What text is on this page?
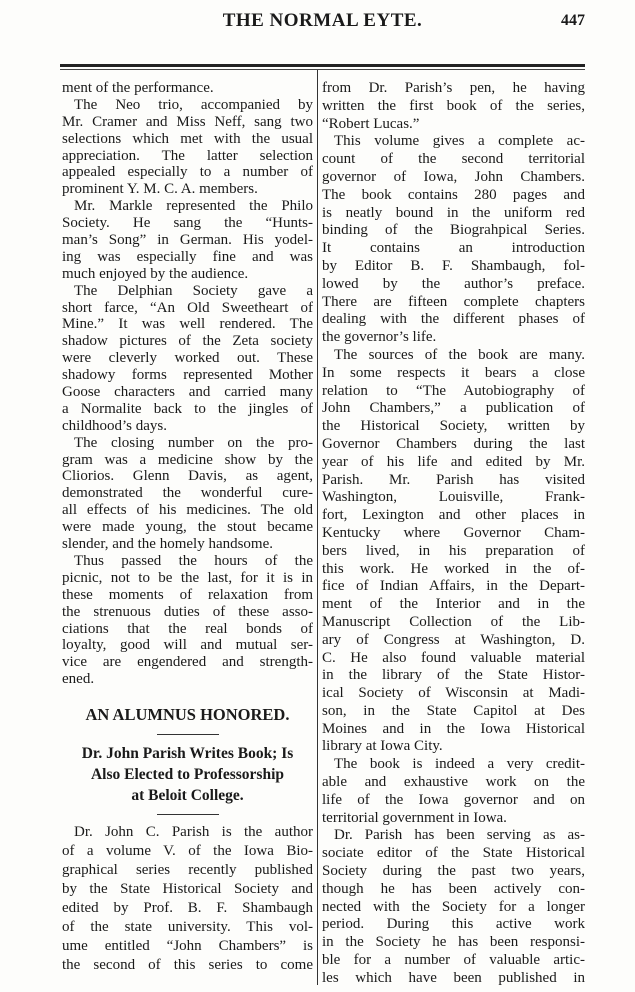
THE NORMAL EYTE.	447
ment of the performance.
The Neo trio, accompanied by
Mr. Cramer and Miss Neff, sang two
selections which met with the usual
appreciation. The latter selection
appealed especially to a number of
prominent Y. M. C. A. members.
Mr. Markle represented the Philo
Society. He sang the “Hunts-
man’s Song” in German. His yodel-
ing was especially fine and was
much enjoyed by the audience.
The Delphian Society gave a
short farce, “An Old Sweetheart of
Mine.” It was well rendered. The
shadow pictures of the Zeta society
were cleverly worked out. These
shadowy forms represented Mother
Goose characters and carried many
a Normalite back to the jingles of
childhood’s days.
The closing number on the pro-
gram was a medicine show by the
Cliorios. Glenn Davis, as agent,
demonstrated the wonderful cure-
all effects of his medicines. The old
were made young, the stout became
slender, and the homely handsome.
Thus passed the hours of the
picnic, not to be the last, for it is in
these moments of relaxation from
the strenuous duties of these asso-
ciations that the real bonds of
loyalty, good will and mutual ser-
vice are engendered and strength-
ened.
AN ALUMNUS HONORED.
Dr. John Parish Writes Book; Is
Also Elected to Professorship
at Beloit College.
Dr. John C. Parish is the author
of a volume V. of the Iowa Bio-
graphical series recently published
by the State Historical Society and
edited by Prof. B. F. Shambaugh
of the state university. This vol-
ume entitled “John Chambers” is
the second of this series to come
from Dr. Parish’s pen, he having
written the first book of the series,
“Robert Lucas.”
This volume gives a complete ac-
count of the second territorial
governor of Iowa, John Chambers.
The book contains 280 pages and
is neatly bound in the uniform red
binding of the Biograhpical Series.
It contains an introduction
by Editor B. F. Shambaugh, fol-
lowed by the author’s preface.
There are fifteen complete chapters
dealing with the different phases of
the governor’s life.
The sources of the book are many.
In some respects it bears a close
relation to “The Autobiography of
John Chambers,” a publication of
the Historical Society, written by
Governor Chambers during the last
year of his life and edited by Mr.
Parish. Mr. Parish has visited
Washington, Louisville, Frank-
fort, Lexington and other places in
Kentucky where Governor Cham-
bers lived, in his preparation of
this work. He worked in the of-
fice of Indian Affairs, in the Depart-
ment of the Interior and in the
Manuscript Collection of the Lib-
ary of Congress at Washington, D.
C. He also found valuable material
in the library of the State Histor-
ical Society of Wisconsin at Madi-
son, in the State Capitol at Des
Moines and in the Iowa Historical
library at Iowa City.
The book is indeed a very credit-
able and exhaustive work on the
life of the Iowa governor and on
territorial government in Iowa.
Dr. Parish has been serving as as-
sociate editor of the State Historical
Society during the past two years,
though he has been actively con-
nected with the Society for a longer
period. During this active work
in the Society he has been responsi-
ble for a number of valuable artic-
les which have been published in
